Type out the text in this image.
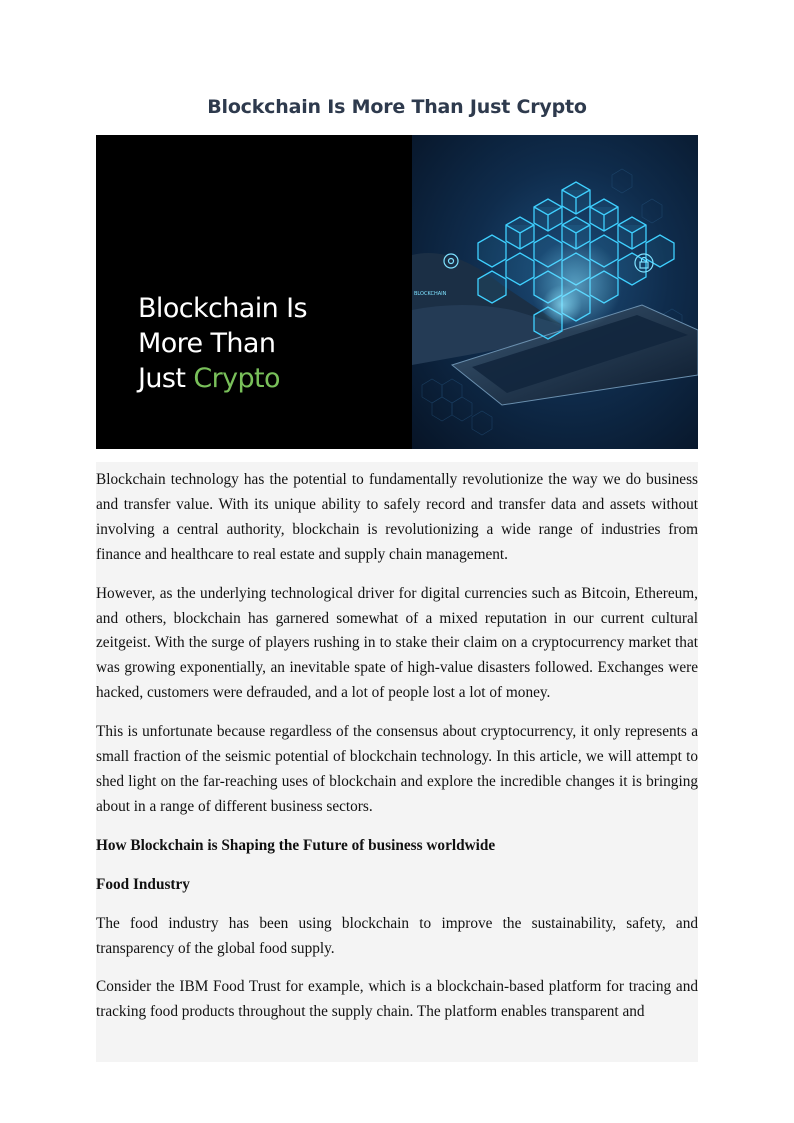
Blockchain Is More Than Just Crypto
Blockchain Is
More Than
Just Crypto
BLOCKCHAIN

Blockchain technology has the potential to fundamentally revolutionize the way we do business and transfer value. With its unique ability to safely record and transfer data and assets without involving a central authority, blockchain is revolutionizing a wide range of industries from finance and healthcare to real estate and supply chain management.

However, as the underlying technological driver for digital currencies such as Bitcoin, Ethereum, and others, blockchain has garnered somewhat of a mixed reputation in our current cultural zeitgeist. With the surge of players rushing in to stake their claim on a cryptocurrency market that was growing exponentially, an inevitable spate of high-value disasters followed. Exchanges were hacked, customers were defrauded, and a lot of people lost a lot of money.

This is unfortunate because regardless of the consensus about cryptocurrency, it only represents a small fraction of the seismic potential of blockchain technology. In this article, we will attempt to shed light on the far-reaching uses of blockchain and explore the incredible changes it is bringing about in a range of different business sectors.

How Blockchain is Shaping the Future of business worldwide
Food Industry

The food industry has been using blockchain to improve the sustainability, safety, and transparency of the global food supply.

Consider the IBM Food Trust for example, which is a blockchain-based platform for tracing and tracking food products throughout the supply chain. The platform enables transparent and
